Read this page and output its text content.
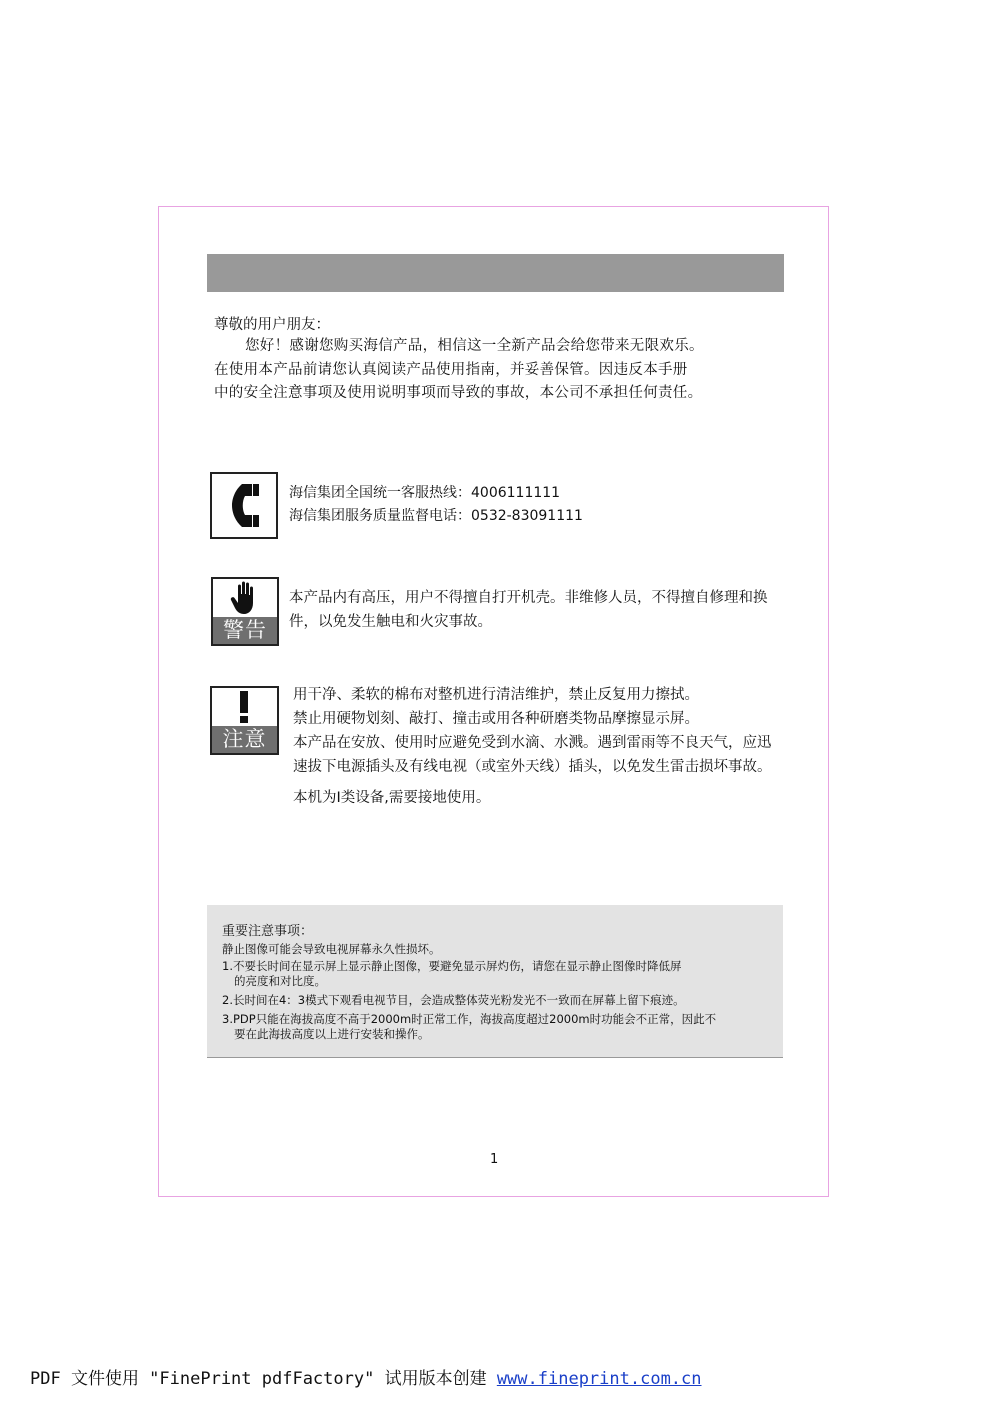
尊敬的用户朋友：

您好！感谢您购买海信产品，相信这一全新产品会给您带来无限欢乐。

在使用本产品前请您认真阅读产品使用指南，并妥善保管。因违反本手册

中的安全注意事项及使用说明事项而导致的事故，本公司不承担任何责任。

海信集团全国统一客服热线：4006111111
海信集团服务质量监督电话：0532-83091111
警告
本产品内有高压，用户不得擅自打开机壳。非维修人员，不得擅自修理和换件，以免发生触电和火灾事故。
注意

用干净、柔软的棉布对整机进行清洁维护，禁止反复用力擦拭。

禁止用硬物划刻、敲打、撞击或用各种研磨类物品摩擦显示屏。

本产品在安放、使用时应避免受到水滴、水溅。遇到雷雨等不良天气，应迅速拔下电源插头及有线电视（或室外天线）插头，以免发生雷击损坏事故。

本机为Ⅰ类设备,需要接地使用。

重要注意事项：
静止图像可能会导致电视屏幕永久性损坏。
1.不要长时间在显示屏上显示静止图像，要避免显示屏灼伤，请您在显示静止图像时降低屏
的亮度和对比度。
2.长时间在4：3模式下观看电视节目，会造成整体荧光粉发光不一致而在屏幕上留下痕迹。
3.PDP只能在海拔高度不高于2000m时正常工作，海拔高度超过2000m时功能会不正常，因此不
要在此海拔高度以上进行安装和操作。
1
PDF 文件使用 "FinePrint pdfFactory" 试用版本创建 www.fineprint.com.cn
